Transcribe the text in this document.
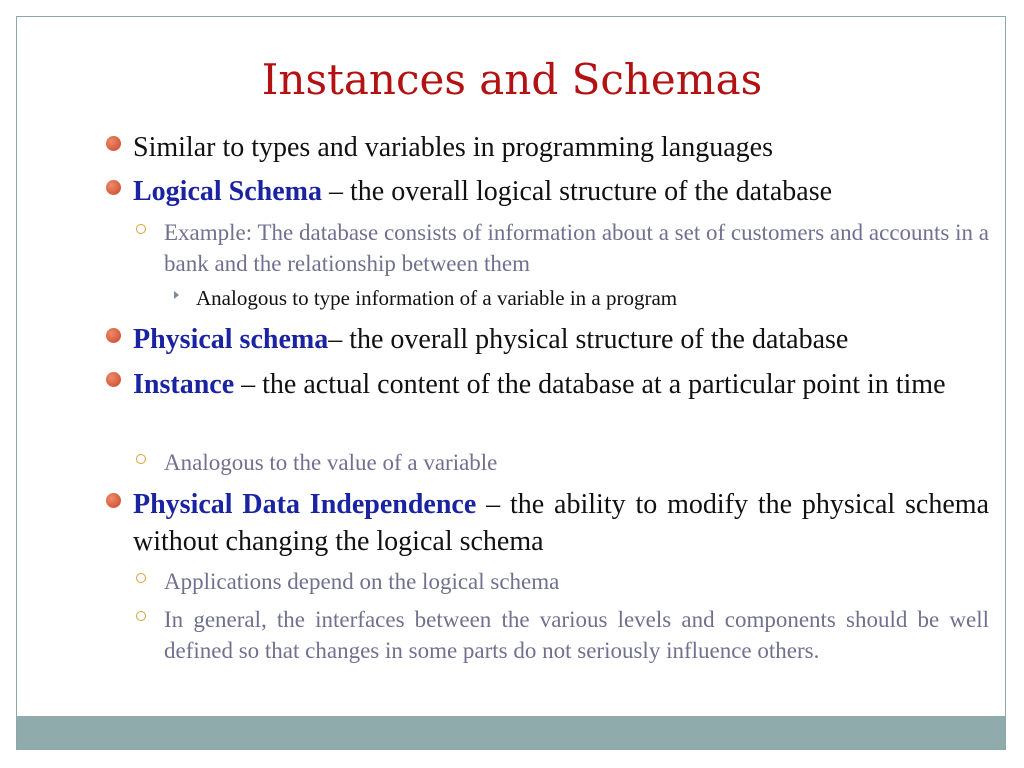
Instances and Schemas
Similar to types and variables in programming languages
Logical Schema – the overall logical structure of the database
Example: The database consists of information about a set of customers and accounts in a bank and the relationship between them
Analogous to type information of a variable in a program
Physical schema– the overall physical structure of the database
Instance – the actual content of the database at a particular point in time
Analogous to the value of a variable
Physical Data Independence – the ability to modify the physical schema without changing the logical schema
Applications depend on the logical schema
In general, the interfaces between the various levels and components should be well defined so that changes in some parts do not seriously influence others.
